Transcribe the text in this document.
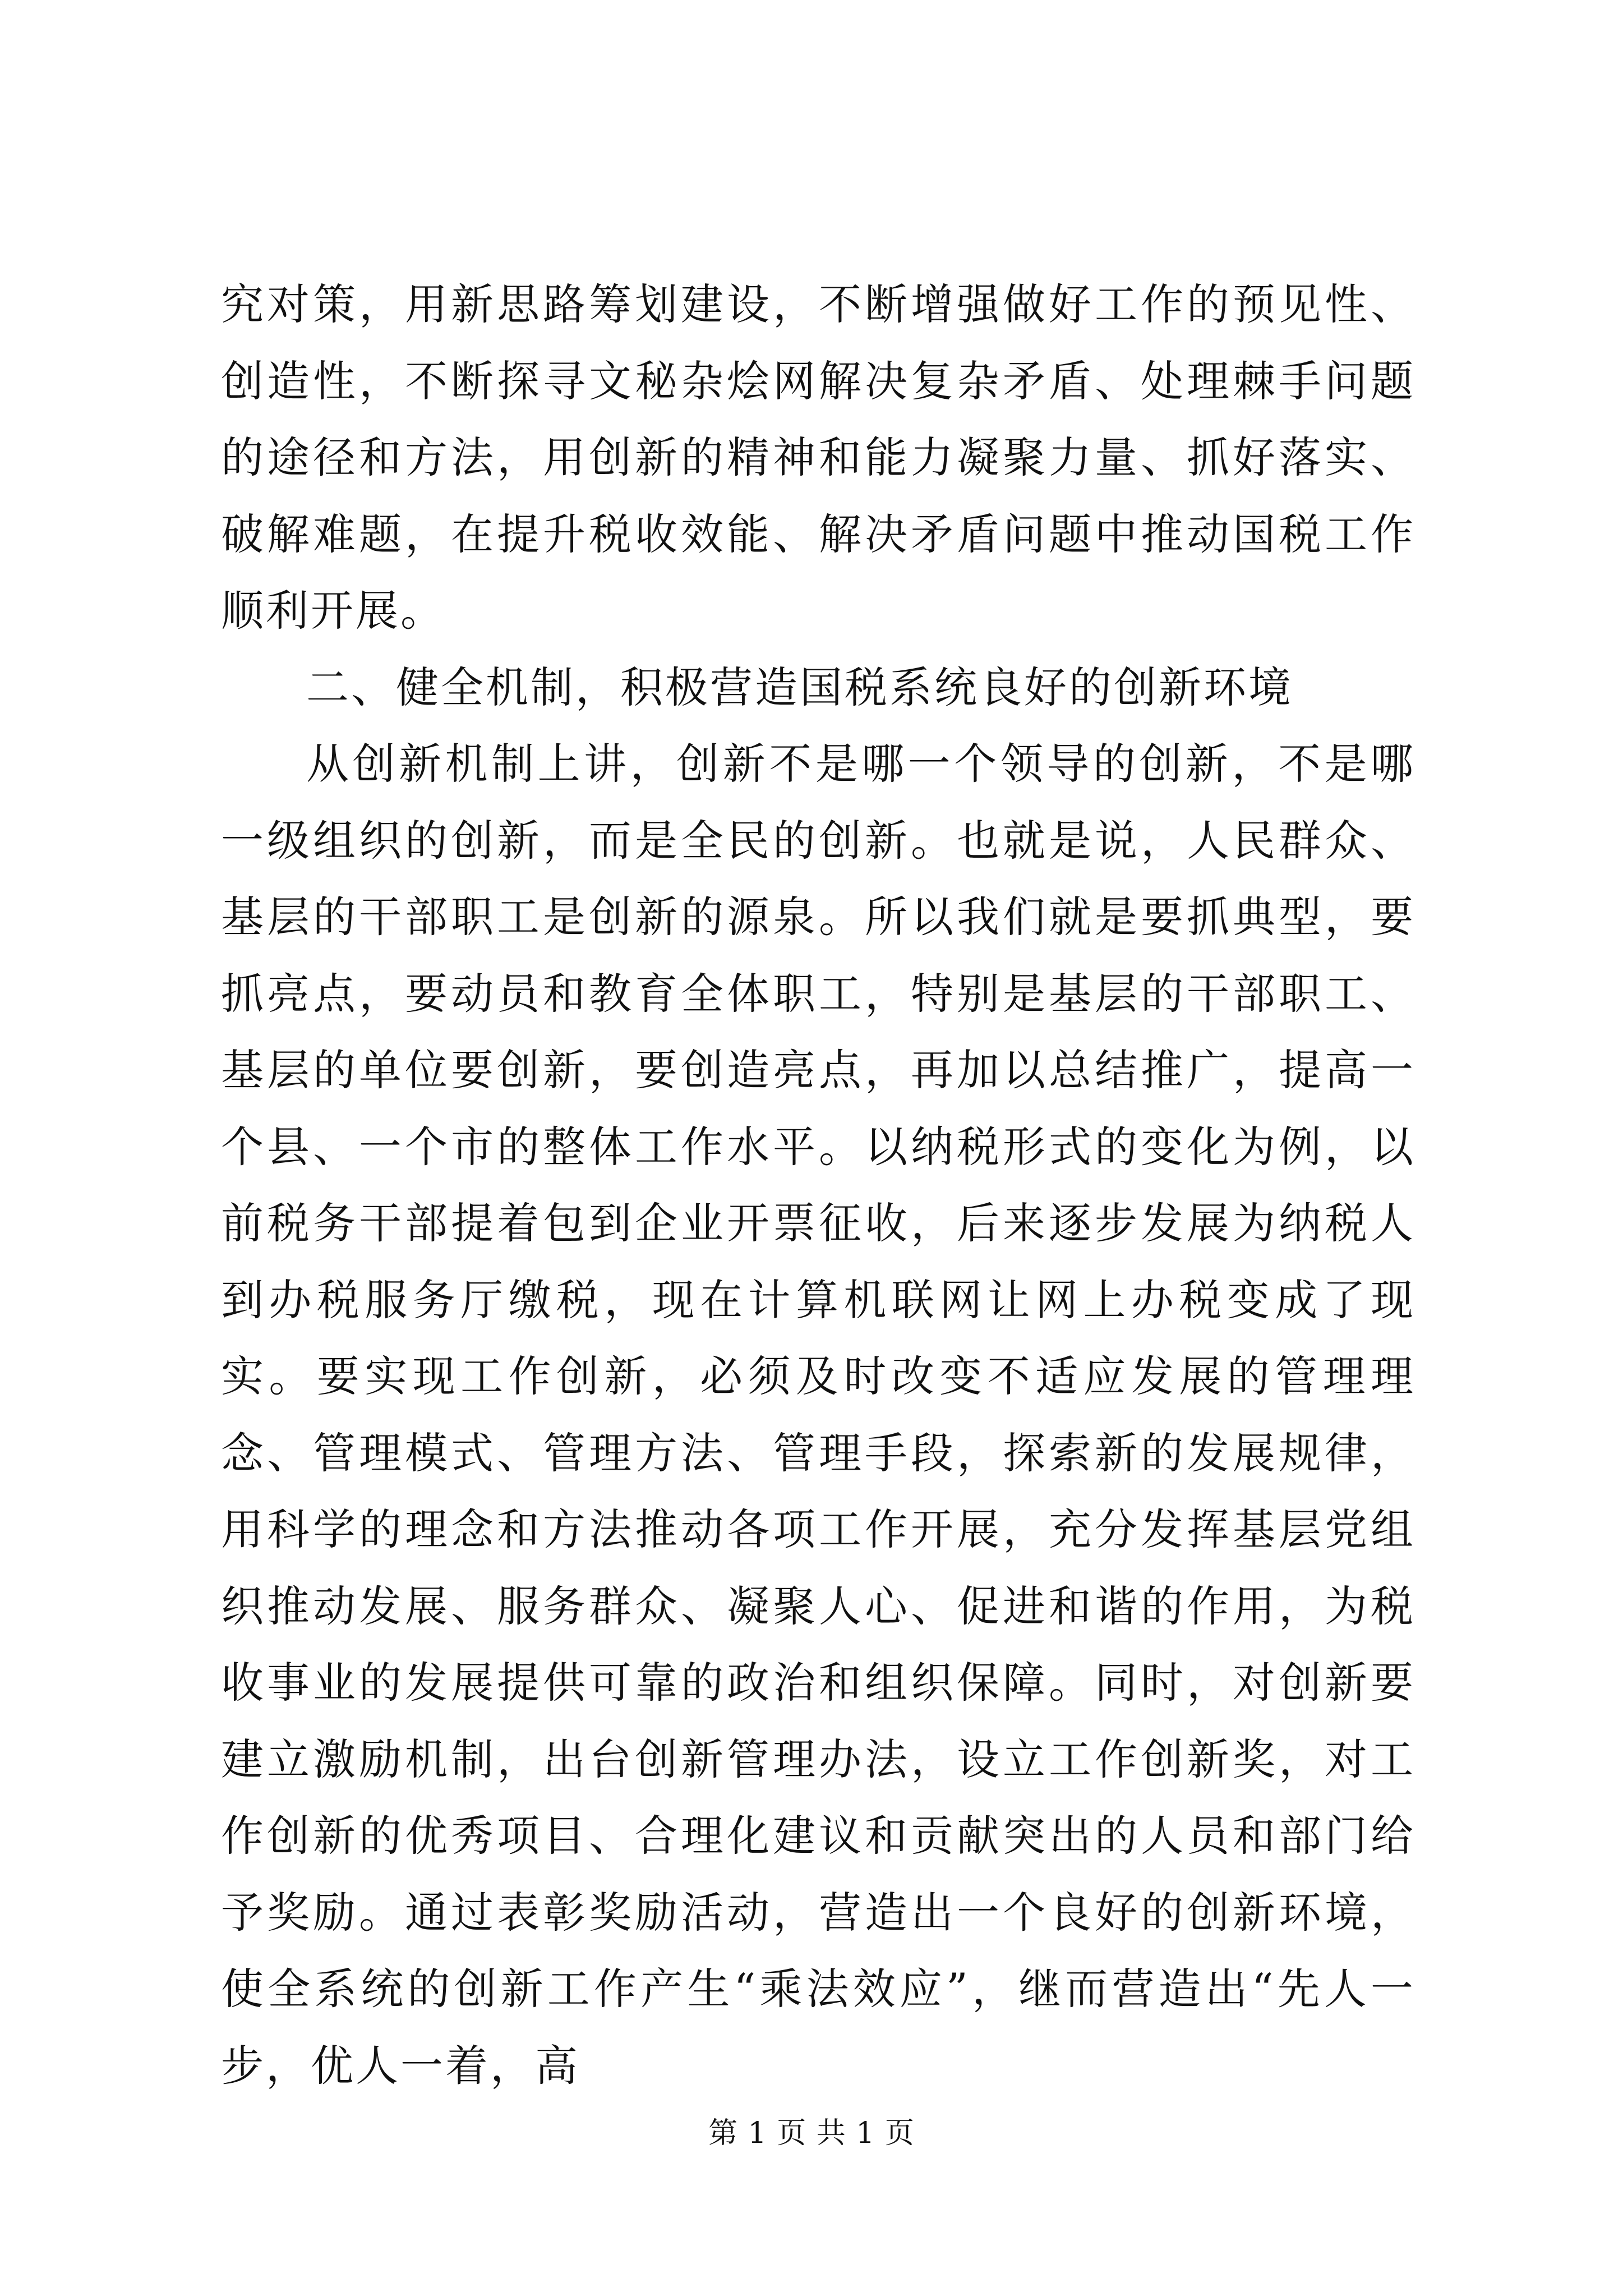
究对策，用新思路筹划建设，不断增强做好工作的预见性、创造性，不断探寻文秘杂烩网解决复杂矛盾、处理棘手问题的途径和方法，用创新的精神和能力凝聚力量、抓好落实、破解难题，在提升税收效能、解决矛盾问题中推动国税工作顺利开展。

二、健全机制，积极营造国税系统良好的创新环境

从创新机制上讲，创新不是哪一个领导的创新，不是哪一级组织的创新，而是全民的创新。也就是说，人民群众、基层的干部职工是创新的源泉。所以我们就是要抓典型，要抓亮点，要动员和教育全体职工，特别是基层的干部职工、基层的单位要创新，要创造亮点，再加以总结推广，提高一个县、一个市的整体工作水平。以纳税形式的变化为例，以前税务干部提着包到企业开票征收，后来逐步发展为纳税人到办税服务厅缴税，现在计算机联网让网上办税变成了现实。要实现工作创新，必须及时改变不适应发展的管理理念、管理模式、管理方法、管理手段，探索新的发展规律，用科学的理念和方法推动各项工作开展，充分发挥基层党组织推动发展、服务群众、凝聚人心、促进和谐的作用，为税收事业的发展提供可靠的政治和组织保障。同时，对创新要建立激励机制，出台创新管理办法，设立工作创新奖，对工作创新的优秀项目、合理化建议和贡献突出的人员和部门给予奖励。通过表彰奖励活动，营造出一个良好的创新环境，使全系统的创新工作产生“乘法效应”，继而营造出“先人一步，优人一着，高

第 1 页 共 1 页
